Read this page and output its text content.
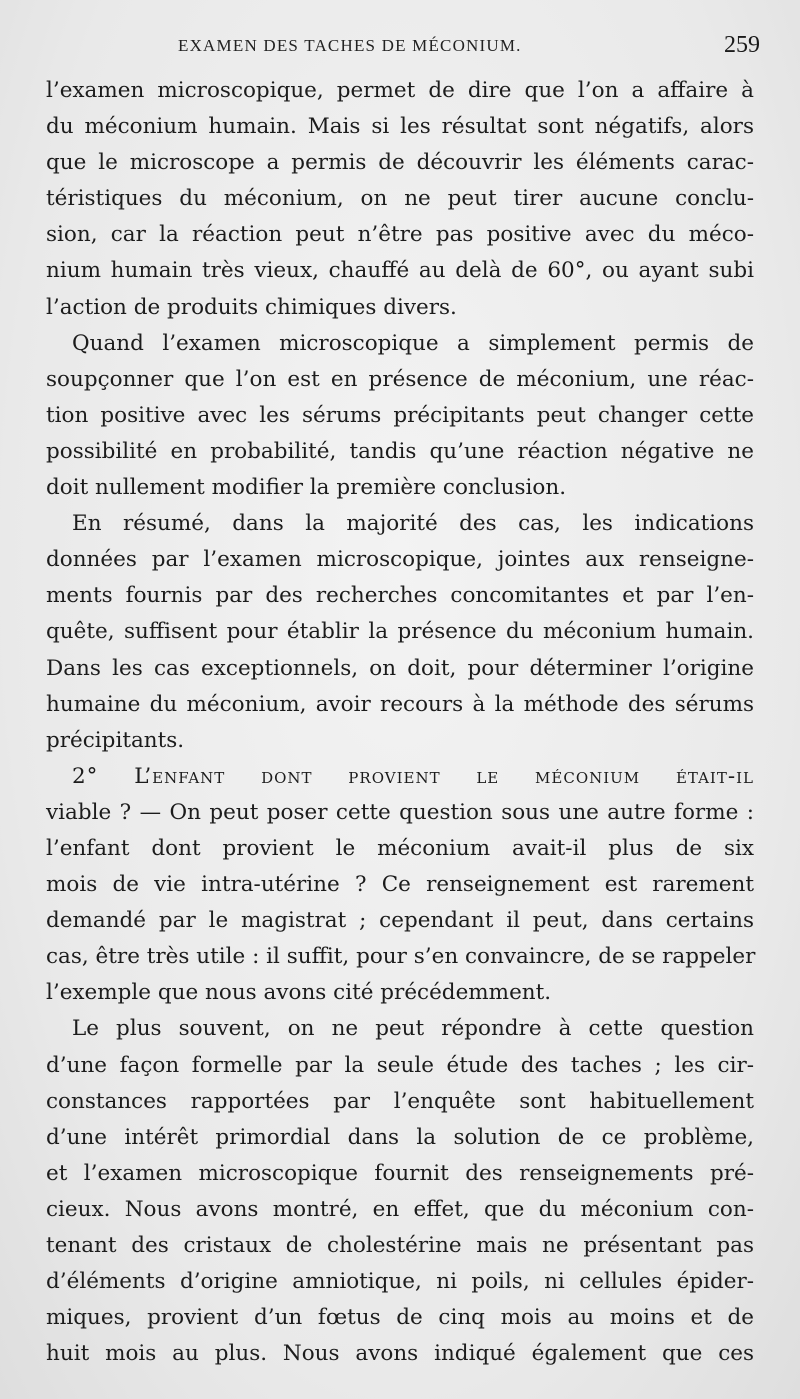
EXAMEN DES TACHES DE MÉCONIUM.	259
l’examen microscopique, permet de dire que l’on a affaire à
du méconium humain. Mais si les résultat sont négatifs, alors
que le microscope a permis de découvrir les éléments carac-
téristiques du méconium, on ne peut tirer aucune conclu-
sion, car la réaction peut n’être pas positive avec du méco-
nium humain très vieux, chauffé au delà de 60°, ou ayant subi
l’action de produits chimiques divers.
Quand l’examen microscopique a simplement permis de
soupçonner que l’on est en présence de méconium, une réac-
tion positive avec les sérums précipitants peut changer cette
possibilité en probabilité, tandis qu’une réaction négative ne
doit nullement modifier la première conclusion.
En résumé, dans la majorité des cas, les indications
données par l’examen microscopique, jointes aux renseigne-
ments fournis par des recherches concomitantes et par l’en-
quête, suffisent pour établir la présence du méconium humain.
Dans les cas exceptionnels, on doit, pour déterminer l’origine
humaine du méconium, avoir recours à la méthode des sérums
précipitants.
2° L’enfant dont provient le méconium était-il
viable ? — On peut poser cette question sous une autre forme :
l’enfant dont provient le méconium avait-il plus de six
mois de vie intra-utérine ? Ce renseignement est rarement
demandé par le magistrat ; cependant il peut, dans certains
cas, être très utile : il suffit, pour s’en convaincre, de se rappeler
l’exemple que nous avons cité précédemment.
Le plus souvent, on ne peut répondre à cette question
d’une façon formelle par la seule étude des taches ; les cir-
constances rapportées par l’enquête sont habituellement
d’une intérêt primordial dans la solution de ce problème,
et l’examen microscopique fournit des renseignements pré-
cieux. Nous avons montré, en effet, que du méconium con-
tenant des cristaux de cholestérine mais ne présentant pas
d’éléments d’origine amniotique, ni poils, ni cellules épider-
miques, provient d’un fœtus de cinq mois au moins et de
huit mois au plus. Nous avons indiqué également que ces
